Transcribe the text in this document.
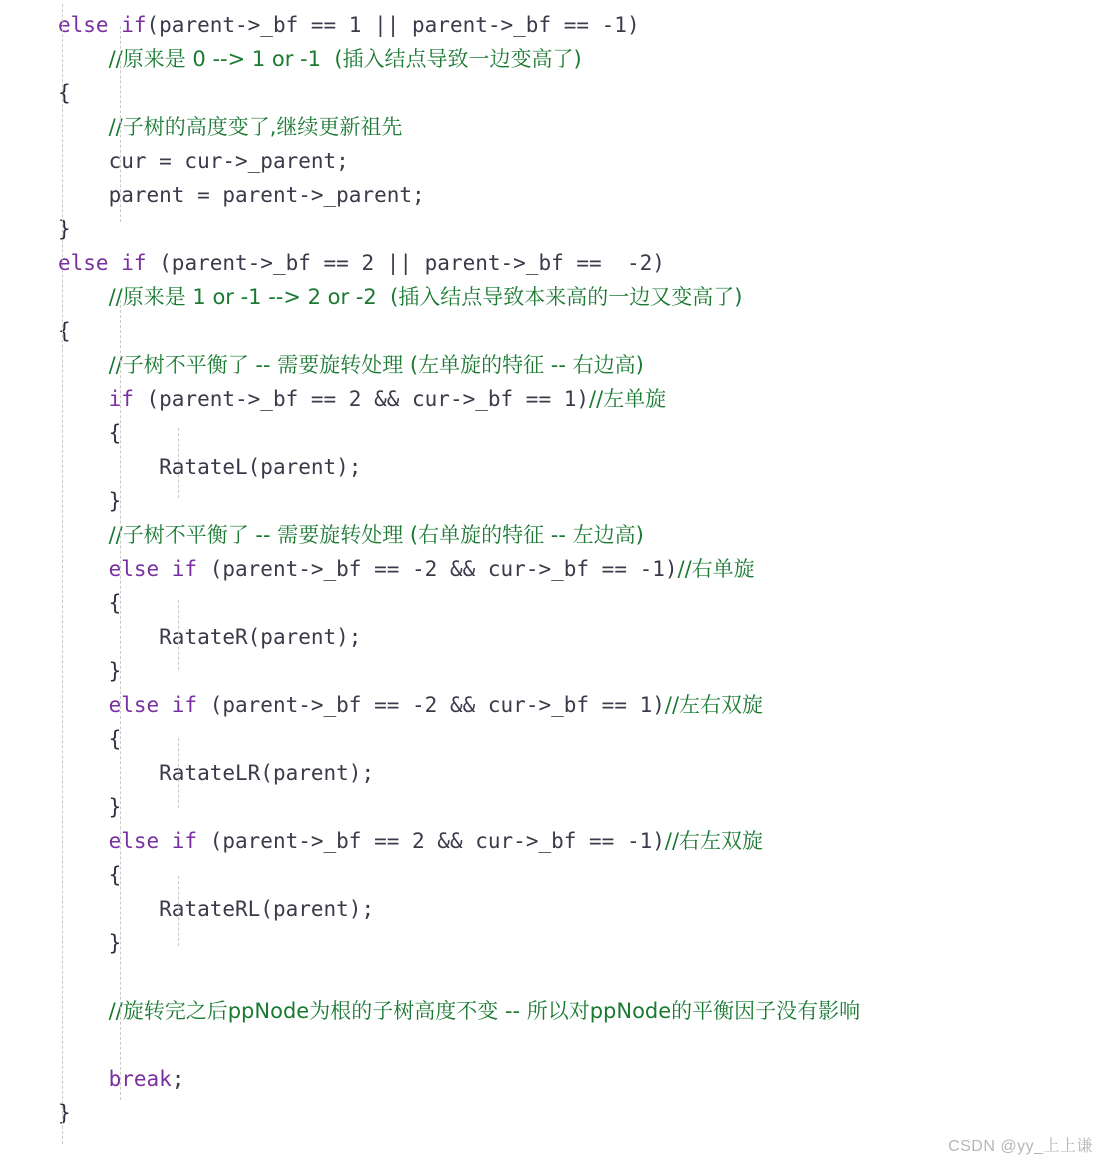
else if(parent->_bf == 1 || parent->_bf == -1)
//原来是 0 --> 1 or -1  (插入结点导致一边变高了)
{
//子树的高度变了,继续更新祖先
cur = cur->_parent;
parent = parent->_parent;
}
else if (parent->_bf == 2 || parent->_bf ==  -2)
//原来是 1 or -1 --> 2 or -2  (插入结点导致本来高的一边又变高了)
{
//子树不平衡了 -- 需要旋转处理 (左单旋的特征 -- 右边高)
if (parent->_bf == 2 && cur->_bf == 1)//左单旋
{
RatateL(parent);
}
//子树不平衡了 -- 需要旋转处理 (右单旋的特征 -- 左边高)
else if (parent->_bf == -2 && cur->_bf == -1)//右单旋
{
RatateR(parent);
}
else if (parent->_bf == -2 && cur->_bf == 1)//左右双旋
{
RatateLR(parent);
}
else if (parent->_bf == 2 && cur->_bf == -1)//右左双旋
{
RatateRL(parent);
}

//旋转完之后ppNode为根的子树高度不变 -- 所以对ppNode的平衡因子没有影响

break;
}
CSDN @yy_上上谦
